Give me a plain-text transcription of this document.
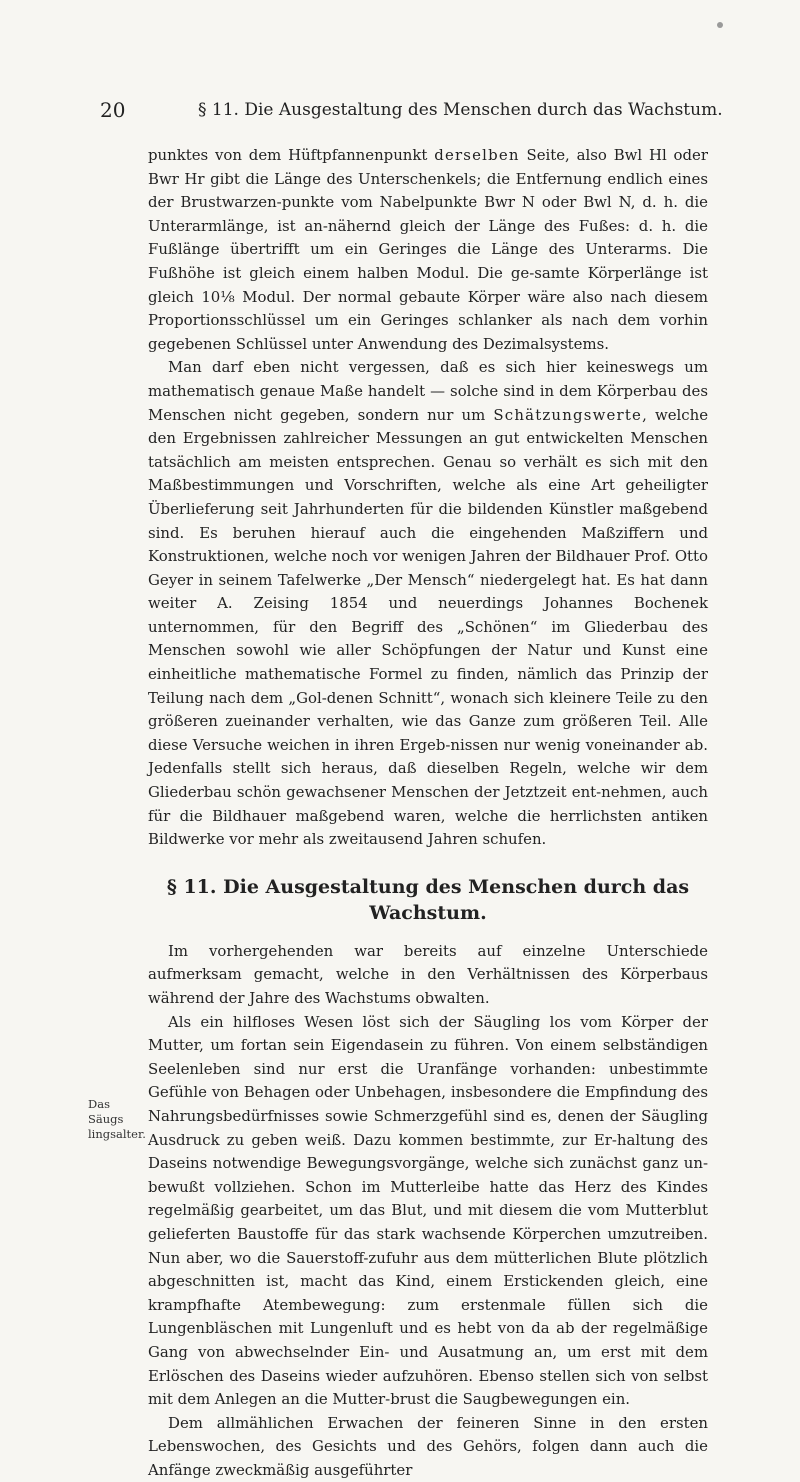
20	§ 11. Die Ausgestaltung des Menschen durch das Wachstum.
Das Säugs lingsalter.

punktes von dem Hüftpfannenpunkt derselben Seite, also Bwl Hl oder Bwr Hr gibt die Länge des Unterschenkels; die Entfernung endlich eines der Brustwarzen-punkte vom Nabelpunkte Bwr N oder Bwl N, d. h. die Unterarmlänge, ist an-nähernd gleich der Länge des Fußes: d. h. die Fußlänge übertrifft um ein Geringes die Länge des Unterarms. Die Fußhöhe ist gleich einem halben Modul. Die ge-samte Körperlänge ist gleich 10⅛ Modul. Der normal gebaute Körper wäre also nach diesem Proportionsschlüssel um ein Geringes schlanker als nach dem vorhin gegebenen Schlüssel unter Anwendung des Dezimalsystems.

Man darf eben nicht vergessen, daß es sich hier keineswegs um mathematisch genaue Maße handelt — solche sind in dem Körperbau des Menschen nicht gegeben, sondern nur um Schätzungswerte, welche den Ergebnissen zahlreicher Messungen an gut entwickelten Menschen tatsächlich am meisten entsprechen. Genau so verhält es sich mit den Maßbestimmungen und Vorschriften, welche als eine Art geheiligter Überlieferung seit Jahrhunderten für die bildenden Künstler maßgebend sind. Es beruhen hierauf auch die eingehenden Maßziffern und Konstruktionen, welche noch vor wenigen Jahren der Bildhauer Prof. Otto Geyer in seinem Tafelwerke „Der Mensch“ niedergelegt hat. Es hat dann weiter A. Zeising 1854 und neuerdings Johannes Bochenek unternommen, für den Begriff des „Schönen“ im Gliederbau des Menschen sowohl wie aller Schöpfungen der Natur und Kunst eine einheitliche mathematische Formel zu finden, nämlich das Prinzip der Teilung nach dem „Gol-denen Schnitt“, wonach sich kleinere Teile zu den größeren zueinander verhalten, wie das Ganze zum größeren Teil. Alle diese Versuche weichen in ihren Ergeb-nissen nur wenig voneinander ab. Jedenfalls stellt sich heraus, daß dieselben Regeln, welche wir dem Gliederbau schön gewachsener Menschen der Jetztzeit ent-nehmen, auch für die Bildhauer maßgebend waren, welche die herrlichsten antiken Bildwerke vor mehr als zweitausend Jahren schufen.

§ 11. Die Ausgestaltung des Menschen durch das Wachstum.

Im vorhergehenden war bereits auf einzelne Unterschiede aufmerksam gemacht, welche in den Verhältnissen des Körperbaus während der Jahre des Wachstums obwalten.

Als ein hilfloses Wesen löst sich der Säugling los vom Körper der Mutter, um fortan sein Eigendasein zu führen. Von einem selbständigen Seelenleben sind nur erst die Uranfänge vorhanden: unbestimmte Gefühle von Behagen oder Unbehagen, insbesondere die Empfindung des Nahrungsbedürfnisses sowie Schmerzgefühl sind es, denen der Säugling Ausdruck zu geben weiß. Dazu kommen bestimmte, zur Er-haltung des Daseins notwendige Bewegungsvorgänge, welche sich zunächst ganz un-bewußt vollziehen. Schon im Mutterleibe hatte das Herz des Kindes regelmäßig gearbeitet, um das Blut, und mit diesem die vom Mutterblut gelieferten Baustoffe für das stark wachsende Körperchen umzutreiben. Nun aber, wo die Sauerstoff-zufuhr aus dem mütterlichen Blute plötzlich abgeschnitten ist, macht das Kind, einem Erstickenden gleich, eine krampfhafte Atembewegung: zum erstenmale füllen sich die Lungenbläschen mit Lungenluft und es hebt von da ab der regelmäßige Gang von abwechselnder Ein- und Ausatmung an, um erst mit dem Erlöschen des Daseins wieder aufzuhören. Ebenso stellen sich von selbst mit dem Anlegen an die Mutter-brust die Saugbewegungen ein.

Dem allmählichen Erwachen der feineren Sinne in den ersten Lebenswochen, des Gesichts und des Gehörs, folgen dann auch die Anfänge zweckmäßig ausgeführter
